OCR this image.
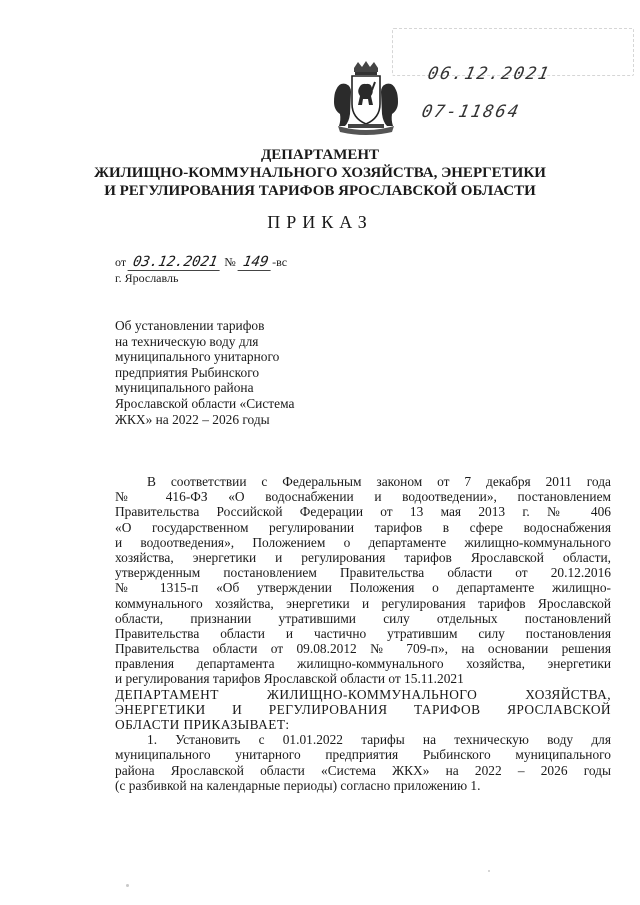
06.12.2021
07-11864
ДЕПАРТАМЕНТ
ЖИЛИЩНО-КОММУНАЛЬНОГО ХОЗЯЙСТВА, ЭНЕРГЕТИКИ
И РЕГУЛИРОВАНИЯ ТАРИФОВ ЯРОСЛАВСКОЙ ОБЛАСТИ
ПРИКАЗ
от 03.12.2021 № 149 -вс
г. Ярославль
Об установлении тарифов
на техническую воду для
муниципального унитарного
предприятия Рыбинского
муниципального района
Ярославской области «Система
ЖКХ» на 2022 – 2026 годы
В соответствии с Федеральным законом от 7 декабря 2011 года
№ 416-ФЗ «О водоснабжении и водоотведении», постановлением
Правительства Российской Федерации от 13 мая 2013 г. № 406
«О государственном регулировании тарифов в сфере водоснабжения
и водоотведения», Положением о департаменте жилищно-коммунального
хозяйства, энергетики и регулирования тарифов Ярославской области,
утвержденным постановлением Правительства области от 20.12.2016
№ 1315-п «Об утверждении Положения о департаменте жилищно-
коммунального хозяйства, энергетики и регулирования тарифов Ярославской
области, признании утратившими силу отдельных постановлений
Правительства области и частично утратившим силу постановления
Правительства области от 09.08.2012 № 709-п», на основании решения
правления департамента жилищно-коммунального хозяйства, энергетики
и регулирования тарифов Ярославской области от 15.11.2021
ДЕПАРТАМЕНТ ЖИЛИЩНО-КОММУНАЛЬНОГО ХОЗЯЙСТВА,
ЭНЕРГЕТИКИ И РЕГУЛИРОВАНИЯ ТАРИФОВ ЯРОСЛАВСКОЙ
ОБЛАСТИ ПРИКАЗЫВАЕТ:
1. Установить с 01.01.2022 тарифы на техническую воду для
муниципального унитарного предприятия Рыбинского муниципального
района Ярославской области «Система ЖКХ» на 2022 – 2026 годы
(с разбивкой на календарные периоды) согласно приложению 1.
